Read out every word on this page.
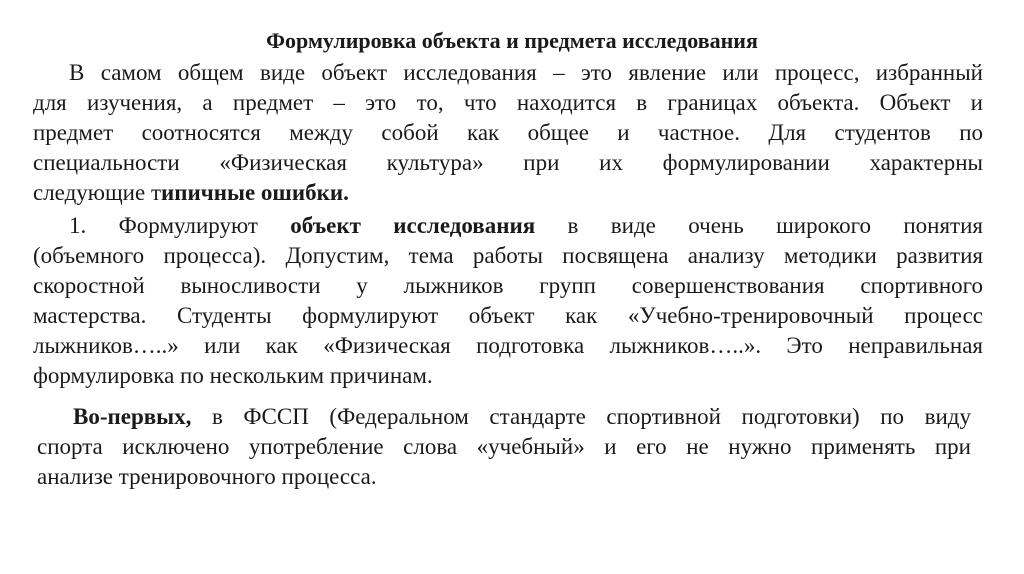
Формулировка объекта и предмета исследования
В самом общем виде объект исследования – это явление или процесс, избранный
для изучения, а предмет – это то, что находится в границах объекта. Объект и
предмет соотносятся между собой как общее и частное. Для студентов по
специальности «Физическая культура» при их формулировании характерны
следующие типичные ошибки.
1. Формулируют объект исследования в виде очень широкого понятия
(объемного процесса). Допустим, тема работы посвящена анализу методики развития
скоростной выносливости у лыжников групп совершенствования спортивного
мастерства. Студенты формулируют объект как «Учебно-тренировочный процесс
лыжников…..» или как «Физическая подготовка лыжников…..». Это неправильная
формулировка по нескольким причинам.
Во-первых, в ФССП (Федеральном стандарте спортивной подготовки) по виду
спорта исключено употребление слова «учебный» и его не нужно применять при
анализе тренировочного процесса.
